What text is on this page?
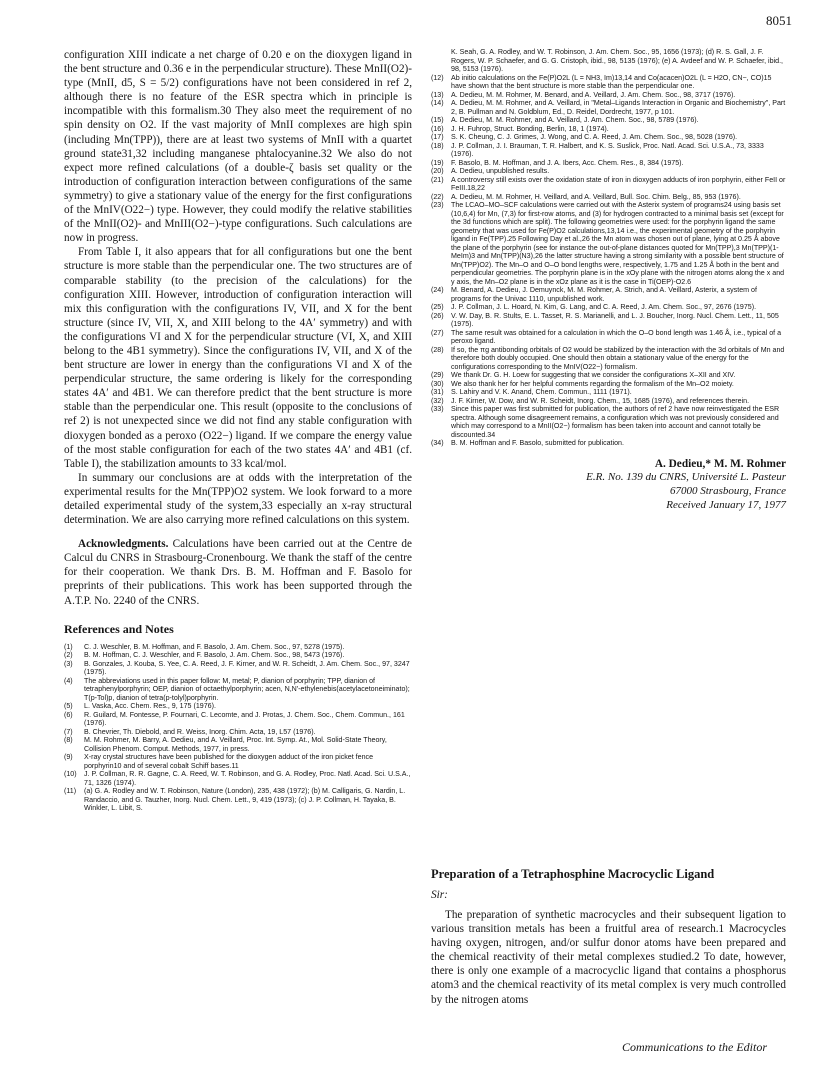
8051

configuration XIII indicate a net charge of 0.20 e on the dioxygen ligand in the bent structure and 0.36 e in the perpendicular structure). These MnII(O2)-type (MnII, d5, S = 5/2) configurations have not been considered in ref 2, although there is no feature of the ESR spectra which in principle is incompatible with this formalism.30 They also meet the requirement of no spin density on O2. If the vast majority of MnII complexes are high spin (including Mn(TPP)), there are at least two systems of MnII with a quartet ground state31,32 including manganese phtalocyanine.32 We also do not expect more refined calculations (of a double-ζ basis set quality or the introduction of configuration interaction between configurations of the same symmetry) to give a stationary value of the energy for the first configurations of the MnIV(O22−) type. However, they could modify the relative stabilities of the MnII(O2)- and MnIII(O2−)-type configurations. Such calculations are now in progress.

From Table I, it also appears that for all configurations but one the bent structure is more stable than the perpendicular one. The two structures are of comparable stability (to the precision of the calculations) for the configuration XIII. However, introduction of configuration interaction will mix this configuration with the configurations IV, VII, and X for the bent structure (since IV, VII, X, and XIII belong to the 4A′ symmetry) and with the configurations VI and X for the perpendicular structure (VI, X, and XIII belong to the 4B1 symmetry). Since the configurations IV, VII, and X of the bent structure are lower in energy than the configurations VI and X of the perpendicular structure, the same ordering is likely for the corresponding states 4A′ and 4B1. We can therefore predict that the bent structure is more stable than the perpendicular one. This result (opposite to the conclusions of ref 2) is not unexpected since we did not find any stable configuration with dioxygen bonded as a peroxo (O22−) ligand. If we compare the energy value of the most stable configuration for each of the two states 4A′ and 4B1 (cf. Table I), the stabilization amounts to 33 kcal/mol.

In summary our conclusions are at odds with the interpretation of the experimental results for the Mn(TPP)O2 system. We look forward to a more detailed experimental study of the system,33 especially an x-ray structural determination. We are also carrying more refined calculations on this system.

Acknowledgments. Calculations have been carried out at the Centre de Calcul du CNRS in Strasbourg-Cronenbourg. We thank the staff of the centre for their cooperation. We thank Drs. B. M. Hoffman and F. Basolo for preprints of their publications. This work has been supported through the A.T.P. No. 2240 of the CNRS.

References and Notes
(1)	C. J. Weschler, B. M. Hoffman, and F. Basolo, J. Am. Chem. Soc., 97, 5278 (1975).
(2)	B. M. Hoffman, C. J. Weschler, and F. Basolo, J. Am. Chem. Soc., 98, 5473 (1976).
(3)	B. Gonzales, J. Kouba, S. Yee, C. A. Reed, J. F. Kirner, and W. R. Scheidt, J. Am. Chem. Soc., 97, 3247 (1975).
(4)	The abbreviations used in this paper follow: M, metal; P, dianion of porphyrin; TPP, dianion of tetraphenylporphyrin; OEP, dianion of octaethylporphyrin; acen, N,N′-ethylenebis(acetylacetoneiminato); T(p-Tol)p, dianion of tetra(p-tolyl)porphyrin.
(5)	L. Vaska, Acc. Chem. Res., 9, 175 (1976).
(6)	R. Guilard, M. Fontesse, P. Fournari, C. Lecomte, and J. Protas, J. Chem. Soc., Chem. Commun., 161 (1976).
(7)	B. Chevrier, Th. Diebold, and R. Weiss, Inorg. Chim. Acta, 19, L57 (1976).
(8)	M. M. Rohmer, M. Barry, A. Dedieu, and A. Veillard, Proc. Int. Symp. At., Mol. Solid-State Theory, Collision Phenom. Comput. Methods, 1977, in press.
(9)	X-ray crystal structures have been published for the dioxygen adduct of the iron picket fence porphyrin10 and of several cobalt Schiff bases.11
(10)	J. P. Collman, R. R. Gagne, C. A. Reed, W. T. Robinson, and G. A. Rodley, Proc. Natl. Acad. Sci. U.S.A., 71, 1326 (1974).
(11)	(a) G. A. Rodley and W. T. Robinson, Nature (London), 235, 438 (1972); (b) M. Calligaris, G. Nardin, L. Randaccio, and G. Tauzher, Inorg. Nucl. Chem. Lett., 9, 419 (1973); (c) J. P. Collman, H. Tayaka, B. Winkler, L. Libit, S.
K. Seah, G. A. Rodley, and W. T. Robinson, J. Am. Chem. Soc., 95, 1656 (1973); (d) R. S. Gall, J. F. Rogers, W. P. Schaefer, and G. G. Cristoph, ibid., 98, 5135 (1976); (e) A. Avdeef and W. P. Schaefer, ibid., 98, 5153 (1976).
(12)	Ab initio calculations on the Fe(P)O2L (L = NH3, Im)13,14 and Co(acacen)O2L (L = H2O, CN−, CO)15 have shown that the bent structure is more stable than the perpendicular one.
(13)	A. Dedieu, M. M. Rohmer, M. Benard, and A. Veillard, J. Am. Chem. Soc., 98, 3717 (1976).
(14)	A. Dedieu, M. M. Rohmer, and A. Veillard, in "Metal–Ligands Interaction in Organic and Biochemistry", Part 2, B. Pullman and N. Goldblum, Ed., D. Reidel, Dordrecht, 1977, p 101.
(15)	A. Dedieu, M. M. Rohmer, and A. Veillard, J. Am. Chem. Soc., 98, 5789 (1976).
(16)	J. H. Fuhrop, Struct. Bonding, Berlin, 18, 1 (1974).
(17)	S. K. Cheung, C. J. Grimes, J. Wong, and C. A. Reed, J. Am. Chem. Soc., 98, 5028 (1976).
(18)	J. P. Collman, J. I. Brauman, T. R. Halbert, and K. S. Suslick, Proc. Natl. Acad. Sci. U.S.A., 73, 3333 (1976).
(19)	F. Basolo, B. M. Hoffman, and J. A. Ibers, Acc. Chem. Res., 8, 384 (1975).
(20)	A. Dedieu, unpublished results.
(21)	A controversy still exists over the oxidation state of iron in dioxygen adducts of iron porphyrin, either FeII or FeIII.18,22
(22)	A. Dedieu, M. M. Rohmer, H. Veillard, and A. Veillard, Bull. Soc. Chim. Belg., 85, 953 (1976).
(23)	The LCAO–MO–SCF calculations were carried out with the Asterix system of programs24 using basis set (10,6,4) for Mn, (7,3) for first-row atoms, and (3) for hydrogen contracted to a minimal basis set (except for the 3d functions which are split). The following geometries were used: for the porphyrin ligand the same geometry that was used for Fe(P)O2 calculations,13,14 i.e., the experimental geometry of the porphyrin ligand in Fe(TPP).25 Following Day et al.,26 the Mn atom was chosen out of plane, lying at 0.25 Å above the plane of the porphyrin (see for instance the out-of-plane distances quoted for Mn(TPP),3 Mn(TPP)(1-MeIm)3 and Mn(TPP)(N3),26 the latter structure having a strong similarity with a possible bent structure of Mn(TPP)O2). The Mn–O and O–O bond lengths were, respectively, 1.75 and 1.25 Å both in the bent and perpendicular geometries. The porphyrin plane is in the xOy plane with the nitrogen atoms along the x and y axis, the Mn–O2 plane is in the xOz plane as it is the case in Ti(OEP)-O2.6
(24)	M. Benard, A. Dedieu, J. Demuynck, M. M. Rohmer, A. Strich, and A. Veillard, Asterix, a system of programs for the Univac 1110, unpublished work.
(25)	J. P. Collman, J. L. Hoard, N. Kim, G. Lang, and C. A. Reed, J. Am. Chem. Soc., 97, 2676 (1975).
(26)	V. W. Day, B. R. Stults, E. L. Tasset, R. S. Marianelli, and L. J. Boucher, Inorg. Nucl. Chem. Lett., 11, 505 (1975).
(27)	The same result was obtained for a calculation in which the O–O bond length was 1.46 Å, i.e., typical of a peroxo ligand.
(28)	If so, the πg antibonding orbitals of O2 would be stabilized by the interaction with the 3d orbitals of Mn and therefore both doubly occupied. One should then obtain a stationary value of the energy for the configurations corresponding to the MnIV(O22−) formalism.
(29)	We thank Dr. G. H. Loew for suggesting that we consider the configurations X–XII and XIV.
(30)	We also thank her for her helpful comments regarding the formalism of the Mn–O2 moiety.
(31)	S. Lahiry and V. K. Anand, Chem. Commun., 1111 (1971).
(32)	J. F. Kirner, W. Dow, and W. R. Scheidt, Inorg. Chem., 15, 1685 (1976), and references therein.
(33)	Since this paper was first submitted for publication, the authors of ref 2 have now reinvestigated the ESR spectra. Although some disagreement remains, a configuration which was not previously considered and which may correspond to a MnII(O2−) formalism has been taken into account and cannot totally be discounted.34
(34)	B. M. Hoffman and F. Basolo, submitted for publication.
A. Dedieu,* M. M. Rohmer
E.R. No. 139 du CNRS, Université L. Pasteur
67000 Strasbourg, France
Received January 17, 1977
Preparation of a Tetraphosphine Macrocyclic Ligand
Sir:

The preparation of synthetic macrocycles and their subsequent ligation to various transition metals has been a fruitful area of research.1 Macrocycles having oxygen, nitrogen, and/or sulfur donor atoms have been prepared and the chemical reactivity of their metal complexes studied.2 To date, however, there is only one example of a macrocyclic ligand that contains a phosphorus atom3 and the chemical reactivity of its metal complex is very much controlled by the nitrogen atoms

Communications to the Editor
